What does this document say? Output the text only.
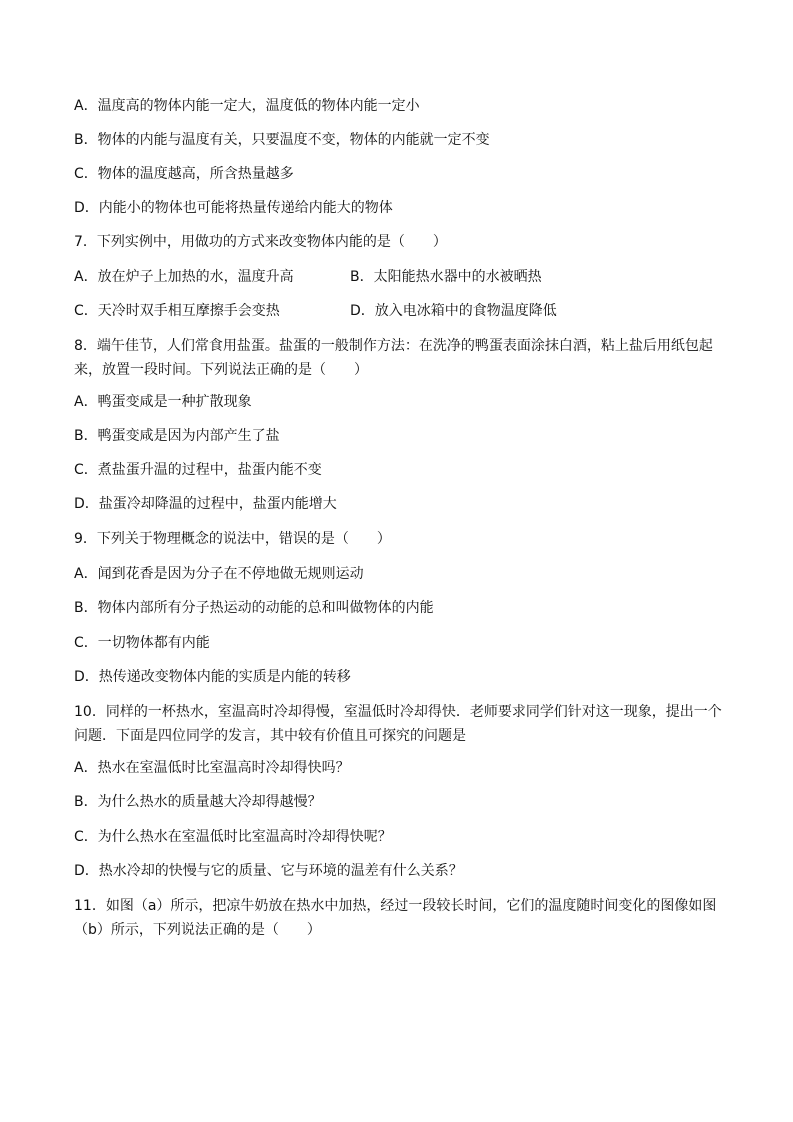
A．温度高的物体内能一定大，温度低的物体内能一定小
B．物体的内能与温度有关，只要温度不变，物体的内能就一定不变
C．物体的温度越高，所含热量越多
D．内能小的物体也可能将热量传递给内能大的物体
7．下列实例中，用做功的方式来改变物体内能的是（　　）
A．放在炉子上加热的水，温度升高	B．太阳能热水器中的水被晒热
C．天冷时双手相互摩擦手会变热	D．放入电冰箱中的食物温度降低
8．端午佳节，人们常食用盐蛋。盐蛋的一般制作方法：在洗净的鸭蛋表面涂抹白酒，粘上盐后用纸包起来，放置一段时间。下列说法正确的是（　　）
A．鸭蛋变咸是一种扩散现象
B．鸭蛋变咸是因为内部产生了盐
C．煮盐蛋升温的过程中，盐蛋内能不变
D．盐蛋冷却降温的过程中，盐蛋内能增大
9．下列关于物理概念的说法中，错误的是（　　）
A．闻到花香是因为分子在不停地做无规则运动
B．物体内部所有分子热运动的动能的总和叫做物体的内能
C．一切物体都有内能
D．热传递改变物体内能的实质是内能的转移
10．同样的一杯热水，室温高时冷却得慢，室温低时冷却得快．老师要求同学们针对这一现象，提出一个问题．下面是四位同学的发言，其中较有价值且可探究的问题是
A．热水在室温低时比室温高时冷却得快吗？
B．为什么热水的质量越大冷却得越慢？
C．为什么热水在室温低时比室温高时冷却得快呢？
D．热水冷却的快慢与它的质量、它与环境的温差有什么关系？
11．如图（a）所示，把凉牛奶放在热水中加热，经过一段较长时间，它们的温度随时间变化的图像如图（b）所示，下列说法正确的是（　　）
